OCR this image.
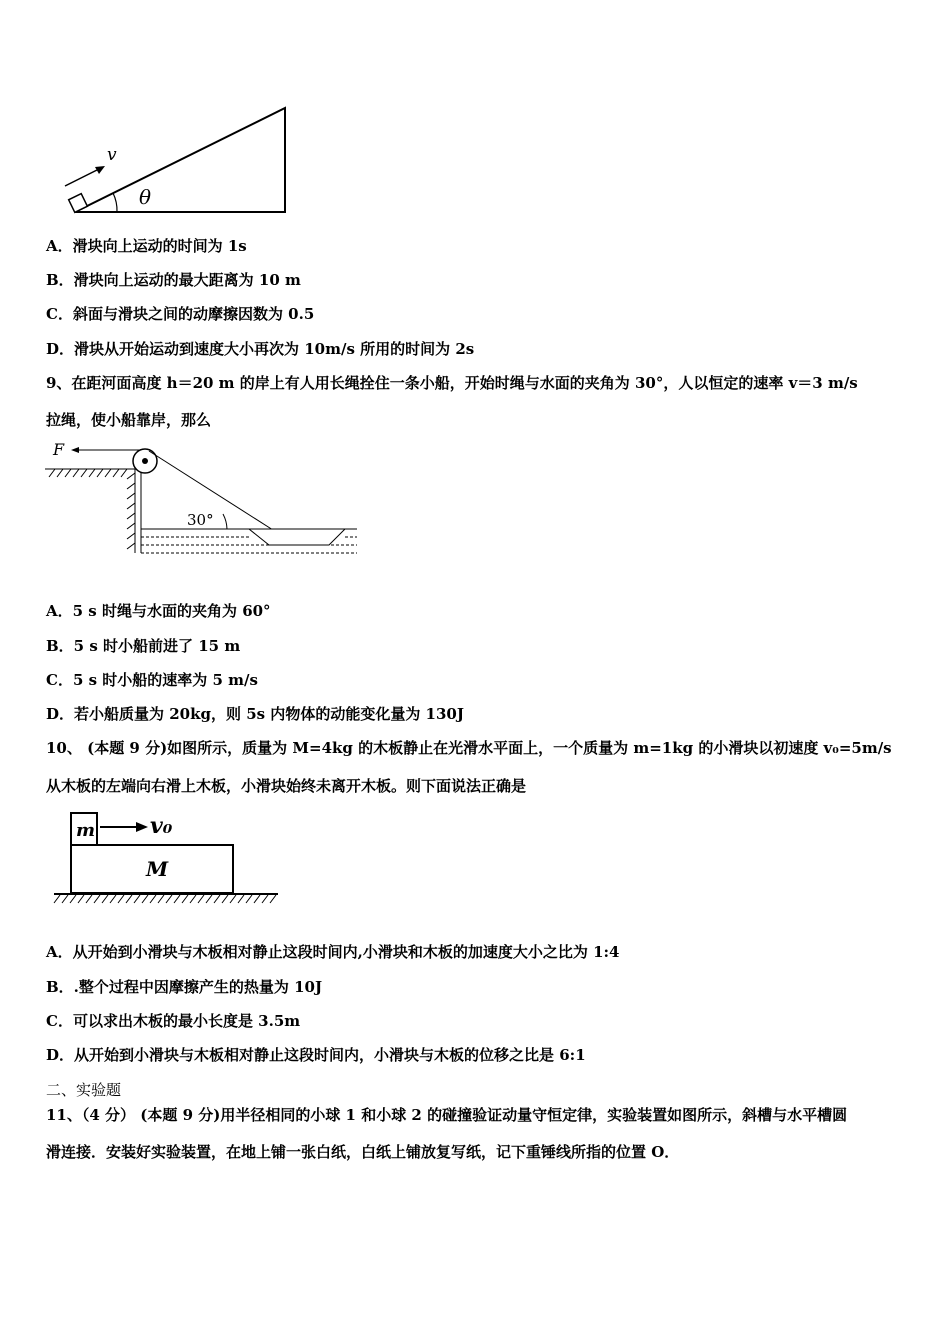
v
θ
A．滑块向上运动的时间为 1s
B．滑块向上运动的最大距离为 10 m
C．斜面与滑块之间的动摩擦因数为 0.5
D．滑块从开始运动到速度大小再次为 10m/s 所用的时间为 2s
9、在距河面高度 h＝20 m 的岸上有人用长绳拴住一条小船，开始时绳与水面的夹角为 30°，人以恒定的速率 v＝3 m/s
拉绳，使小船靠岸，那么
F
30°
A．5 s 时绳与水面的夹角为 60°
B．5 s 时小船前进了 15 m
C．5 s 时小船的速率为 5 m/s
D．若小船质量为 20kg，则 5s 内物体的动能变化量为 130J
10、 (本题 9 分)如图所示，质量为 M=4kg 的木板静止在光滑水平面上，一个质量为 m=1kg 的小滑块以初速度 v₀=5m/s
从木板的左端向右滑上木板，小滑块始终未离开木板。则下面说法正确是
m v₀
M
A．从开始到小滑块与木板相对静止这段时间内,小滑块和木板的加速度大小之比为 1:4
B．.整个过程中因摩擦产生的热量为 10J
C．可以求出木板的最小长度是 3.5m
D．从开始到小滑块与木板相对静止这段时间内，小滑块与木板的位移之比是 6:1
二、实验题
11、（4 分） (本题 9 分)用半径相同的小球 1 和小球 2 的碰撞验证动量守恒定律，实验装置如图所示，斜槽与水平槽圆
滑连接．安装好实验装置，在地上铺一张白纸，白纸上铺放复写纸，记下重锤线所指的位置 O．
